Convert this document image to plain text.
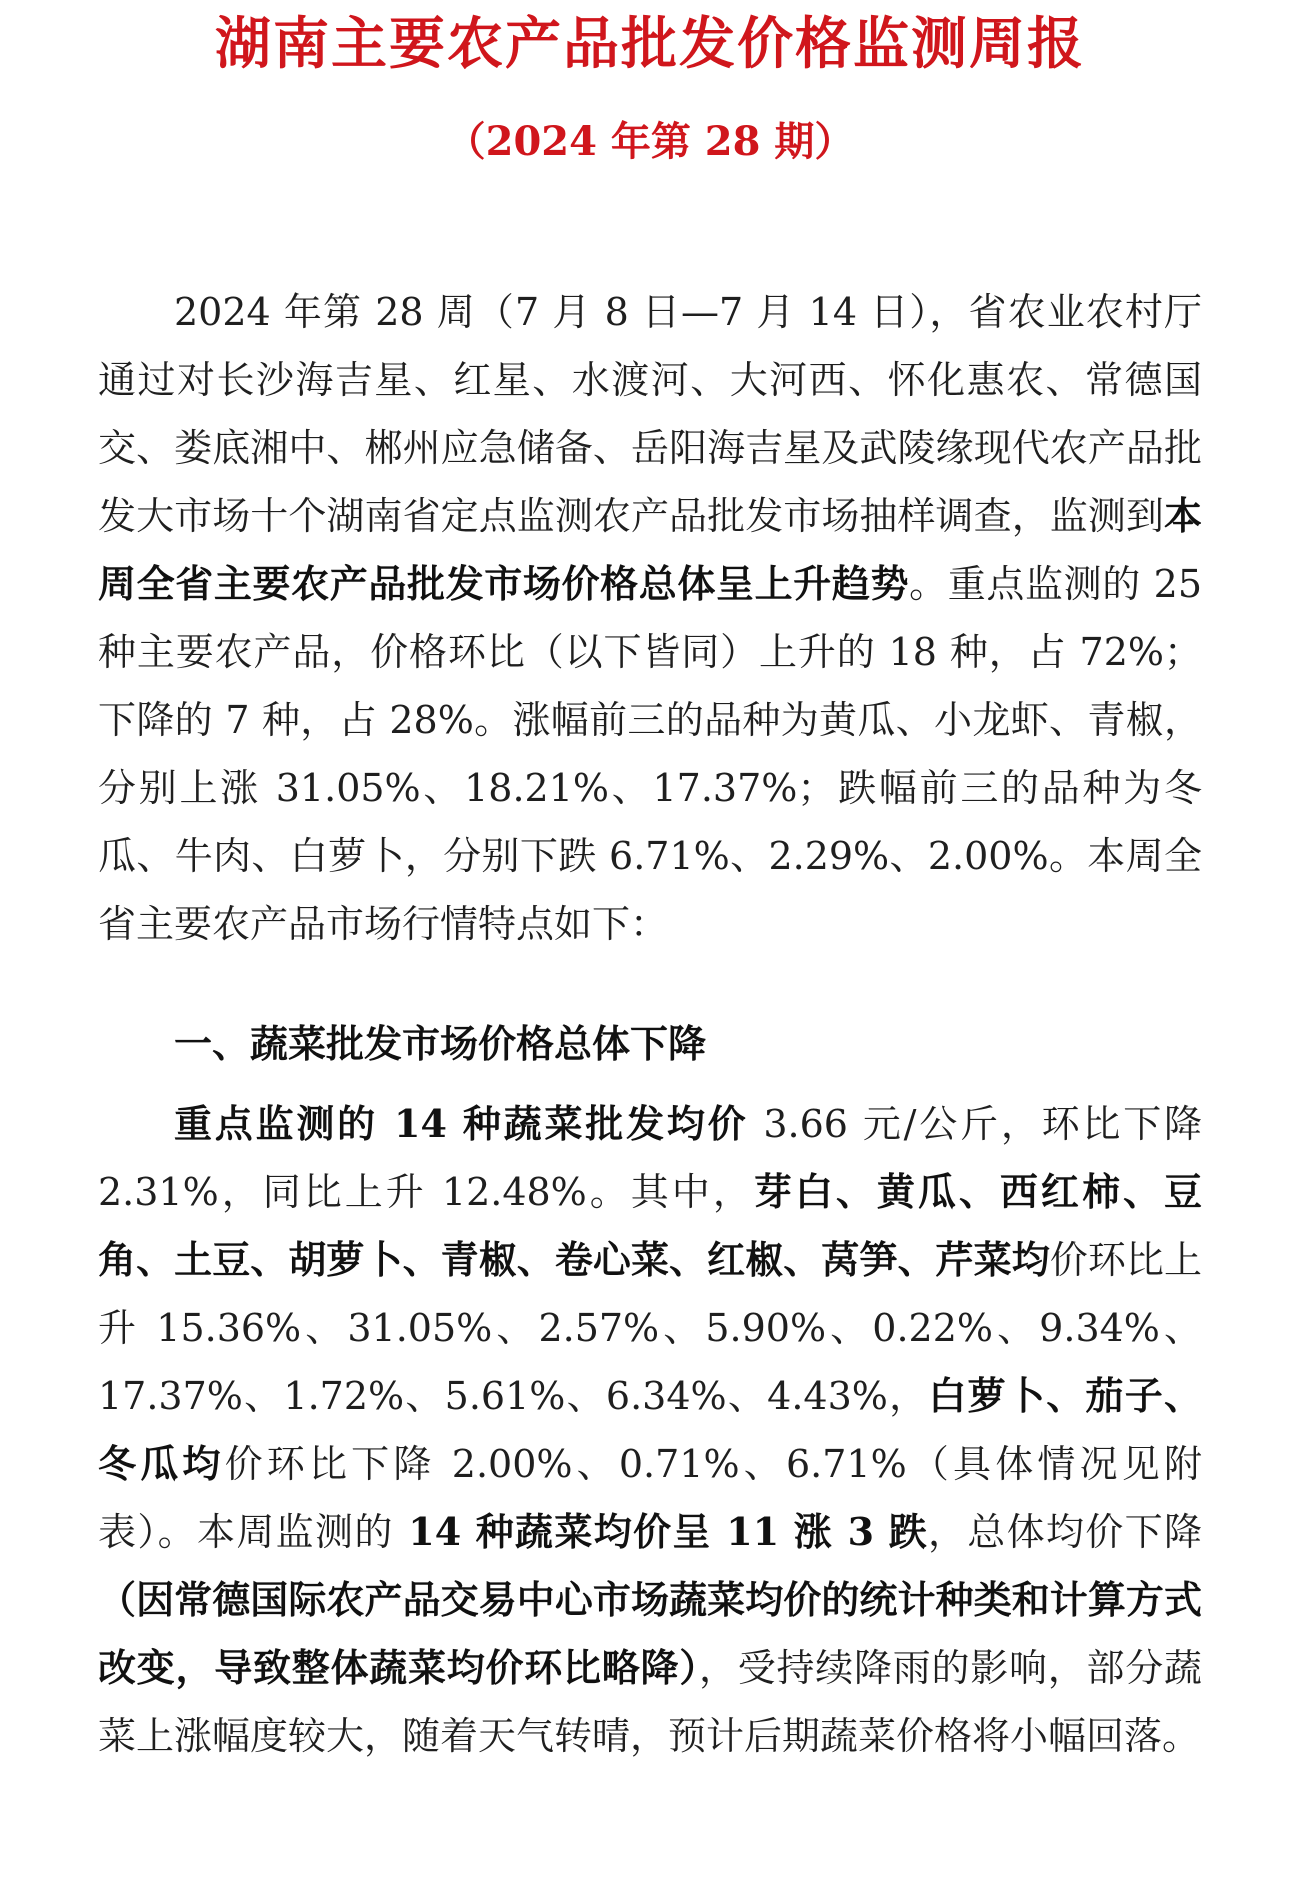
湖南主要农产品批发价格监测周报
（2024 年第 28 期）

2024 年第 28 周（7 月 8 日—7 月 14 日），省农业农村厅通过对长沙海吉星、红星、水渡河、大河西、怀化惠农、常德国交、娄底湘中、郴州应急储备、岳阳海吉星及武陵缘现代农产品批发大市场十个湖南省定点监测农产品批发市场抽样调查，监测到本周全省主要农产品批发市场价格总体呈上升趋势。重点监测的 25 种主要农产品，价格环比（以下皆同）上升的 18 种，占 72%；下降的 7 种，占 28%。涨幅前三的品种为黄瓜、小龙虾、青椒，分别上涨 31.05%、18.21%、17.37%；跌幅前三的品种为冬瓜、牛肉、白萝卜，分别下跌 6.71%、2.29%、2.00%。本周全省主要农产品市场行情特点如下：

一、蔬菜批发市场价格总体下降

重点监测的 14 种蔬菜批发均价 3.66 元/公斤，环比下降 2.31%，同比上升 12.48%。其中，芽白、黄瓜、西红柿、豆角、土豆、胡萝卜、青椒、卷心菜、红椒、莴笋、芹菜均价环比上升 15.36%、31.05%、2.57%、5.90%、0.22%、9.34%、17.37%、1.72%、5.61%、6.34%、4.43%，白萝卜、茄子、冬瓜均价环比下降 2.00%、0.71%、6.71%（具体情况见附表）。本周监测的 14 种蔬菜均价呈 11 涨 3 跌，总体均价下降（因常德国际农产品交易中心市场蔬菜均价的统计种类和计算方式改变，导致整体蔬菜均价环比略降），受持续降雨的影响，部分蔬菜上涨幅度较大，随着天气转晴，预计后期蔬菜价格将小幅回落。
